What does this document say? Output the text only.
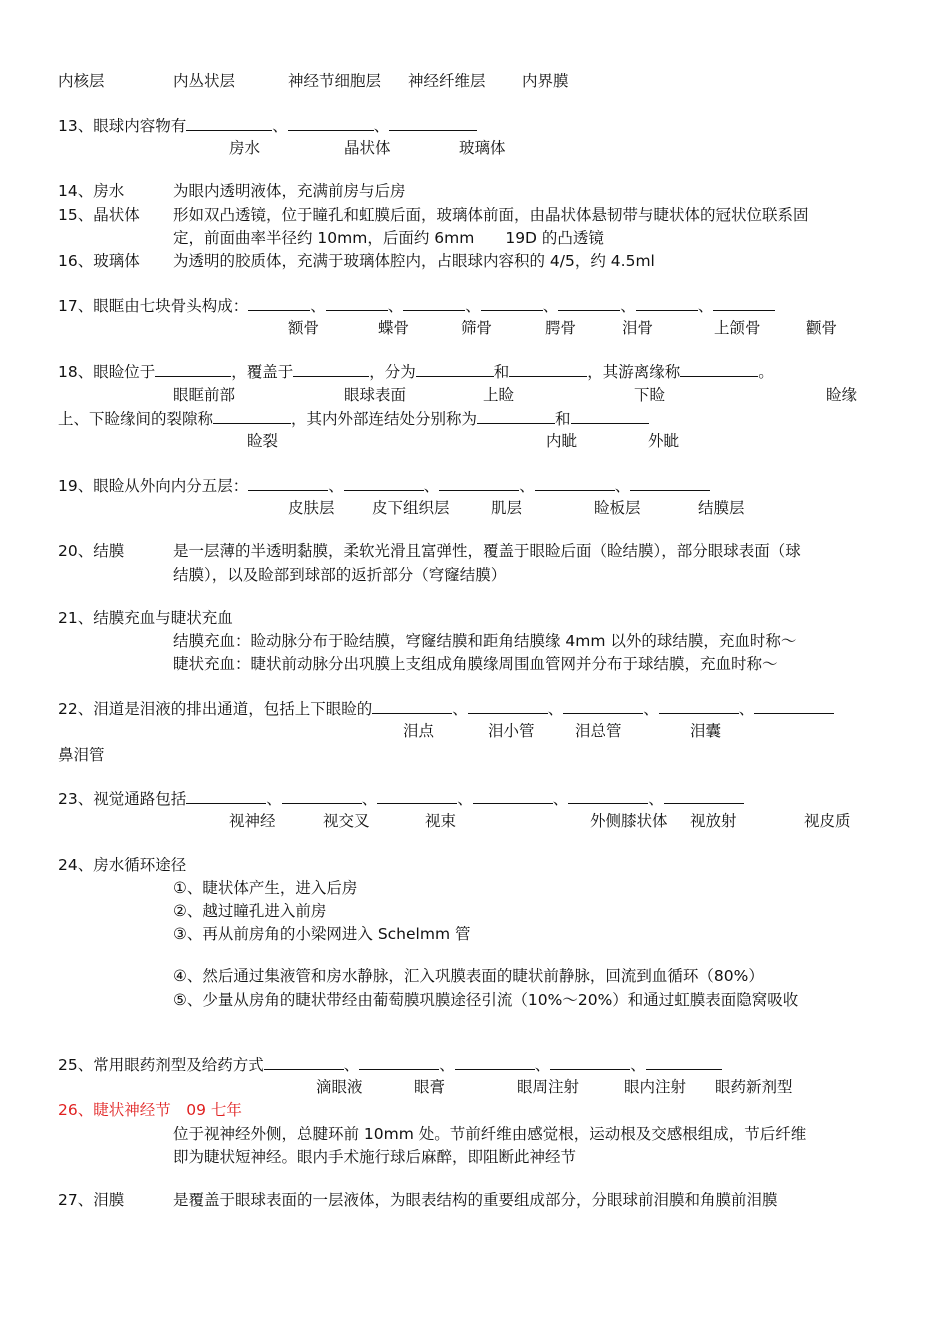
内核层	内丛状层	神经节细胞层 神经纤维层 内界膜
13、眼球内容物有	、	、
房水	晶状体	玻璃体
14、房水	为眼内透明液体，充满前房与后房
15、晶状体 形如双凸透镜，位于瞳孔和虹膜后面，玻璃体前面，由晶状体悬韧带与睫状体的冠状位联系固
定，前面曲率半径约 10mm，后面约 6mm　　19D 的凸透镜
16、玻璃体 为透明的胶质体，充满于玻璃体腔内，占眼球内容积的 4/5，约 4.5ml
17、眼眶由七块骨头构成：	、	、	、	、	、	、
额骨	蝶骨	筛骨	腭骨	泪骨	上颌骨	颧骨
18、眼睑位于	，覆盖于	，分为	和	，其游离缘称	。
眼眶前部	眼球表面	上睑	下睑	睑缘
上、下睑缘间的裂隙称	，其内外部连结处分别称为	和
睑裂	内眦	外眦
19、眼睑从外向内分五层：	、	、	、	、
皮肤层 皮下组织层	肌层	睑板层	结膜层
20、结膜	是一层薄的半透明黏膜，柔软光滑且富弹性，覆盖于眼睑后面（睑结膜），部分眼球表面（球
结膜），以及睑部到球部的返折部分（穹窿结膜）
21、结膜充血与睫状充血
结膜充血：睑动脉分布于睑结膜，穹窿结膜和距角结膜缘 4mm 以外的球结膜，充血时称～
睫状充血：睫状前动脉分出巩膜上支组成角膜缘周围血管网并分布于球结膜，充血时称～
22、泪道是泪液的排出通道，包括上下眼睑的	、	、	、	、
泪点	泪小管	泪总管	泪囊
鼻泪管
23、视觉通路包括	、	、	、	、	、
视神经	视交叉	视束	外侧膝状体 视放射	视皮质
24、房水循环途径
①、睫状体产生，进入后房
②、越过瞳孔进入前房
③、再从前房角的小梁网进入 Schelmm 管
④、然后通过集液管和房水静脉，汇入巩膜表面的睫状前静脉，回流到血循环（80%）
⑤、少量从房角的睫状带经由葡萄膜巩膜途径引流（10%～20%）和通过虹膜表面隐窝吸收
25、常用眼药剂型及给药方式	、	、	、	、
滴眼液	眼膏	眼周注射	眼内注射 眼药新剂型
26、睫状神经节　09 七年
位于视神经外侧，总腱环前 10mm 处。节前纤维由感觉根，运动根及交感根组成，节后纤维
即为睫状短神经。眼内手术施行球后麻醉，即阻断此神经节
27、泪膜	是覆盖于眼球表面的一层液体，为眼表结构的重要组成部分，分眼球前泪膜和角膜前泪膜
